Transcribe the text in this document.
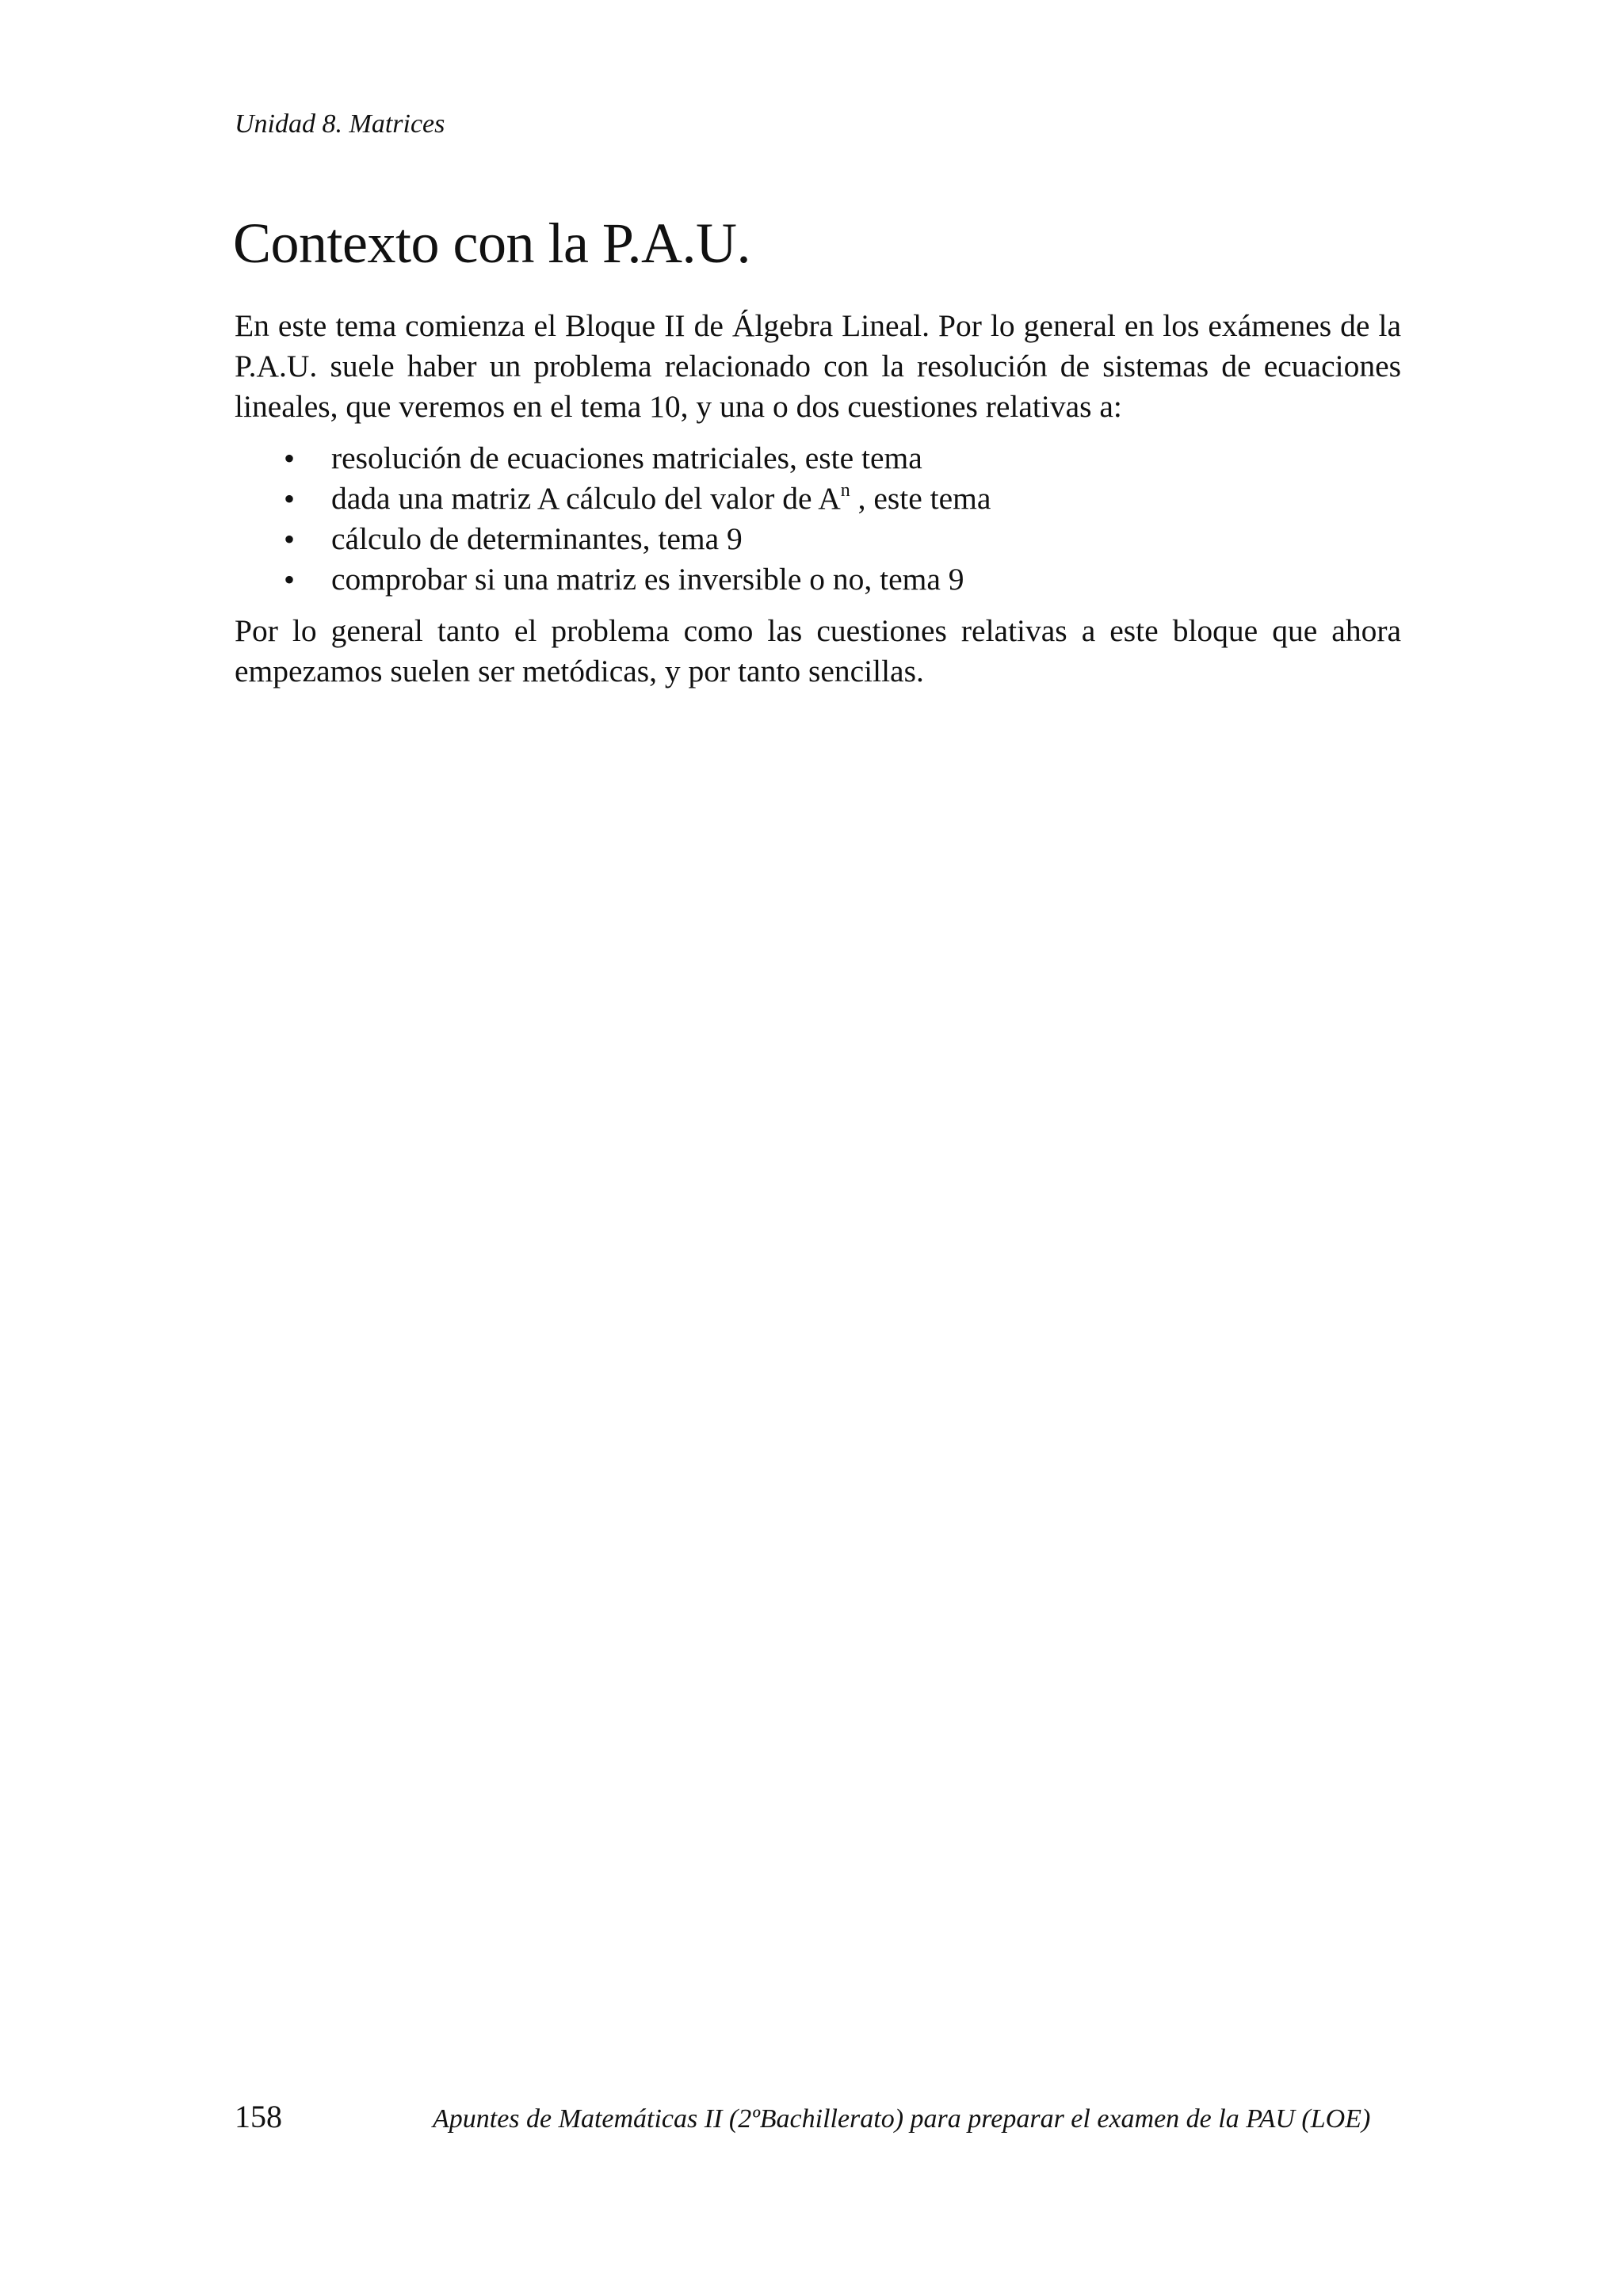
Unidad 8. Matrices
Contexto con la P.A.U.

En este tema comienza el Bloque II de Álgebra Lineal. Por lo general en los exámenes de la P.A.U. suele haber un problema relacionado con la resolución de sistemas de ecuaciones lineales, que veremos en el tema 10, y una o dos cuestiones relativas a:

• resolución de ecuaciones matriciales, este tema
• dada una matriz A cálculo del valor de $A^n$ , este tema
• cálculo de determinantes, tema 9
• comprobar si una matriz es inversible o no, tema 9

Por lo general tanto el problema como las cuestiones relativas a este bloque que ahora empezamos suelen ser metódicas, y por tanto sencillas.

158	Apuntes de Matemáticas II (2ºBachillerato) para preparar el examen de la PAU (LOE)
